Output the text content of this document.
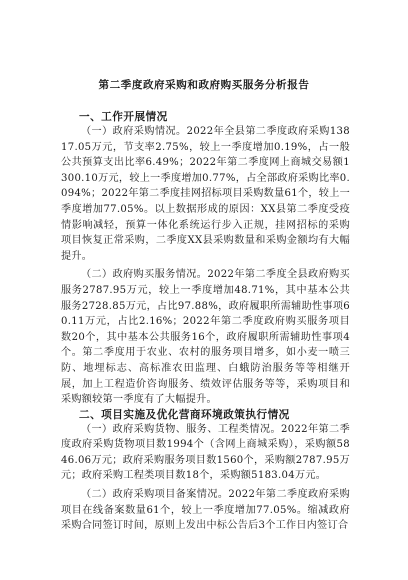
第二季度政府采购和政府购买服务分析报告
一、工作开展情况

（一）政府采购情况。2022年全县第二季度政府采购13817.05万元，节支率2.75%，较上一季度增加0.19%，占一般公共预算支出比率6.49%；2022年第二季度网上商城交易额1300.10万元，较上一季度增加0.77%，占全部政府采购比率0.094%；2022年第二季度挂网招标项目采购数量61个，较上一季度增加77.05%。以上数据形成的原因：XX县第二季度受疫情影响减轻，预算一体化系统运行步入正规，挂网招标的采购项目恢复正常采购，二季度XX县采购数量和采购金额均有大幅提升。

（二）政府购买服务情况。2022年第二季度全县政府购买服务2787.95万元，较上一季度增加48.71%，其中基本公共服务2728.85万元，占比97.88%，政府履职所需辅助性事项60.11万元，占比2.16%；2022年第二季度政府购买服务项目数20个，其中基本公共服务16个，政府履职所需辅助性事项4个。第二季度用于农业、农村的服务项目增多，如小麦一喷三防、地埋标志、高标准农田监理、白蛾防治服务等等相继开展，加上工程造价咨询服务、绩效评估服务等等，采购项目和采购额较第一季度有了大幅提升。

二、项目实施及优化营商环境政策执行情况

（一）政府采购货物、服务、工程类情况。2022年第二季度政府采购货物项目数1994个（含网上商城采购），采购额5846.06万元；政府采购服务项目数1560个，采购额2787.95万元；政府采购工程类项目数18个，采购额5183.04万元。

（二）政府采购项目备案情况。2022年第二季度政府采购项目在线备案数量61个，较上一季度增加77.05%。缩减政府采购合同签订时间，原则上发出中标公告后3个工作日内签订合
